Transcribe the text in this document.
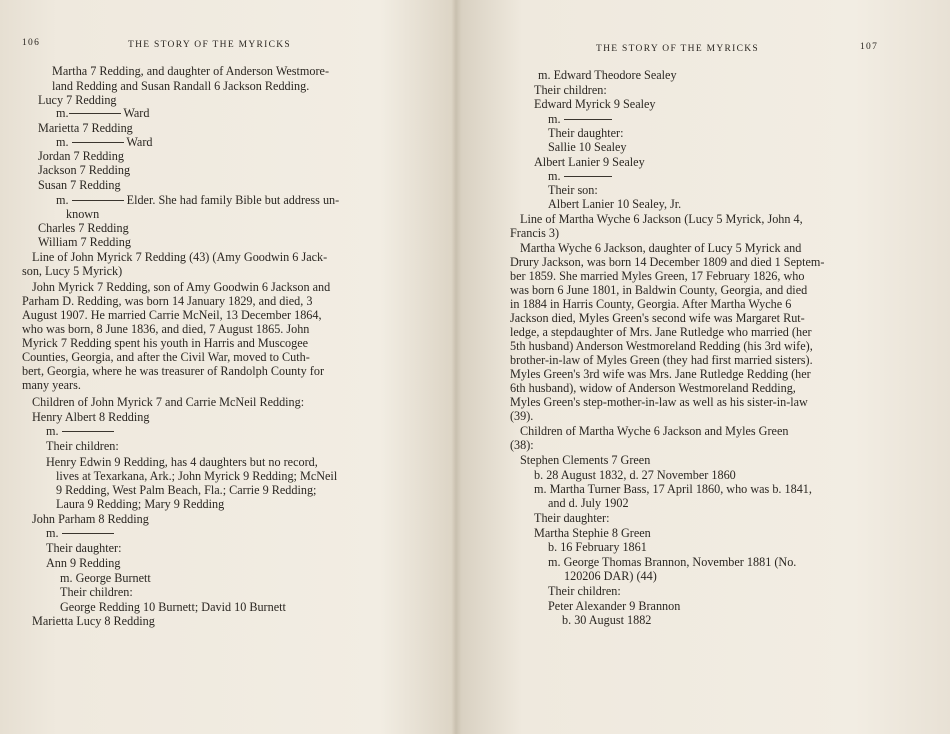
106	THE STORY OF THE MYRICKS
Martha 7 Redding, and daughter of Anderson Westmore-
land Redding and Susan Randall 6 Jackson Redding.
Lucy 7 Redding
m.	Ward
Marietta 7 Redding
m.	Ward
Jordan 7 Redding
Jackson 7 Redding
Susan 7 Redding
m.	Elder. She had family Bible but address un-
known
Charles 7 Redding
William 7 Redding
Line of John Myrick 7 Redding (43) (Amy Goodwin 6 Jack-
son, Lucy 5 Myrick)
John Myrick 7 Redding, son of Amy Goodwin 6 Jackson and
Parham D. Redding, was born 14 January 1829, and died, 3
August 1907. He married Carrie McNeil, 13 December 1864,
who was born, 8 June 1836, and died, 7 August 1865. John
Myrick 7 Redding spent his youth in Harris and Muscogee
Counties, Georgia, and after the Civil War, moved to Cuth-
bert, Georgia, where he was treasurer of Randolph County for
many years.
Children of John Myrick 7 and Carrie McNeil Redding:
Henry Albert 8 Redding
m.
Their children:
Henry Edwin 9 Redding, has 4 daughters but no record,
lives at Texarkana, Ark.; John Myrick 9 Redding; McNeil
9 Redding, West Palm Beach, Fla.; Carrie 9 Redding;
Laura 9 Redding; Mary 9 Redding
John Parham 8 Redding
m.
Their daughter:
Ann 9 Redding
m. George Burnett
Their children:
George Redding 10 Burnett; David 10 Burnett
Marietta Lucy 8 Redding
THE STORY OF THE MYRICKS	107
m. Edward Theodore Sealey
Their children:
Edward Myrick 9 Sealey
m.
Their daughter:
Sallie 10 Sealey
Albert Lanier 9 Sealey
m.
Their son:
Albert Lanier 10 Sealey, Jr.
Line of Martha Wyche 6 Jackson (Lucy 5 Myrick, John 4,
Francis 3)
Martha Wyche 6 Jackson, daughter of Lucy 5 Myrick and
Drury Jackson, was born 14 December 1809 and died 1 Septem-
ber 1859. She married Myles Green, 17 February 1826, who
was born 6 June 1801, in Baldwin County, Georgia, and died
in 1884 in Harris County, Georgia. After Martha Wyche 6
Jackson died, Myles Green's second wife was Margaret Rut-
ledge, a stepdaughter of Mrs. Jane Rutledge who married (her
5th husband) Anderson Westmoreland Redding (his 3rd wife),
brother-in-law of Myles Green (they had first married sisters).
Myles Green's 3rd wife was Mrs. Jane Rutledge Redding (her
6th husband), widow of Anderson Westmoreland Redding,
Myles Green's step-mother-in-law as well as his sister-in-law
(39).
Children of Martha Wyche 6 Jackson and Myles Green
(38):
Stephen Clements 7 Green
b. 28 August 1832, d. 27 November 1860
m. Martha Turner Bass, 17 April 1860, who was b. 1841,
and d. July 1902
Their daughter:
Martha Stephie 8 Green
b. 16 February 1861
m. George Thomas Brannon, November 1881 (No.
120206 DAR) (44)
Their children:
Peter Alexander 9 Brannon
b. 30 August 1882
